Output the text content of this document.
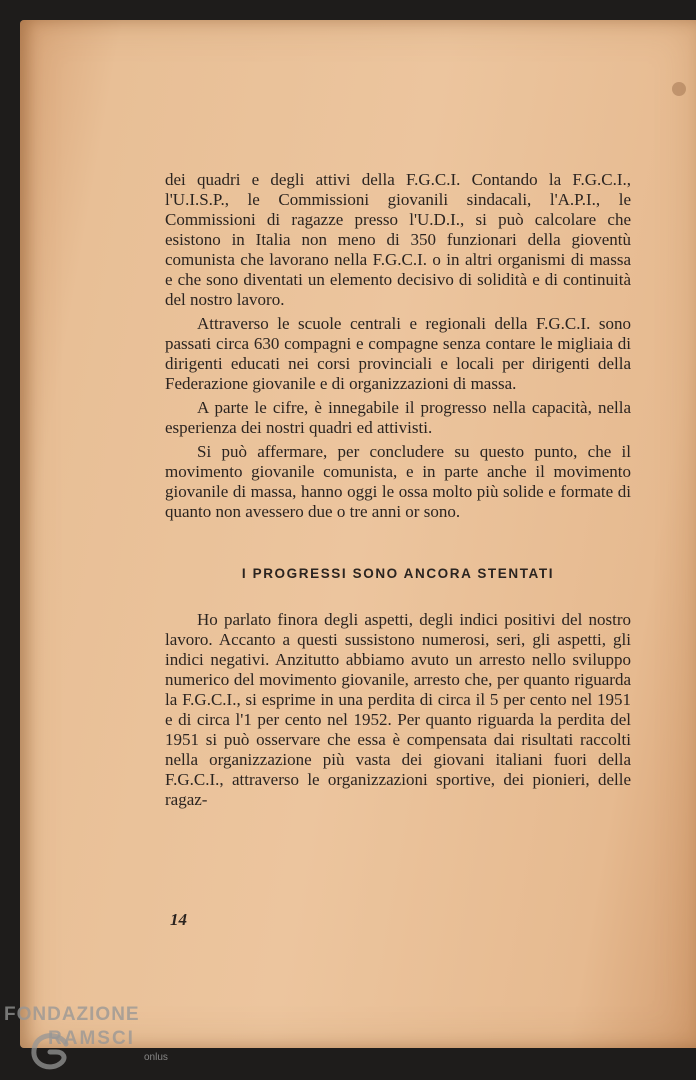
dei quadri e degli attivi della F.G.C.I. Contando la F.G.C.I., l'U.I.S.P., le Commissioni giovanili sindacali, l'A.P.I., le Commissioni di ragazze presso l'U.D.I., si può calcolare che esistono in Italia non meno di 350 funzionari della gioventù comunista che lavorano nella F.G.C.I. o in altri organismi di massa e che sono diventati un elemento decisivo di solidità e di continuità del nostro lavoro.

Attraverso le scuole centrali e regionali della F.G.C.I. sono passati circa 630 compagni e compagne senza contare le migliaia di dirigenti educati nei corsi provinciali e locali per dirigenti della Federazione giovanile e di organizzazioni di massa.

A parte le cifre, è innegabile il progresso nella capacità, nella esperienza dei nostri quadri ed attivisti.

Si può affermare, per concludere su questo punto, che il movimento giovanile comunista, e in parte anche il movimento giovanile di massa, hanno oggi le ossa molto più solide e formate di quanto non avessero due o tre anni or sono.

I PROGRESSI SONO ANCORA STENTATI

Ho parlato finora degli aspetti, degli indici positivi del nostro lavoro. Accanto a questi sussistono numerosi, seri, gli aspetti, gli indici negativi. Anzitutto abbiamo avuto un arresto nello sviluppo numerico del movimento giovanile, arresto che, per quanto riguarda la F.G.C.I., si esprime in una perdita di circa il 5 per cento nel 1951 e di circa l'1 per cento nel 1952. Per quanto riguarda la perdita del 1951 si può osservare che essa è compensata dai risultati raccolti nella organizzazione più vasta dei giovani italiani fuori della F.G.C.I., attraverso le organizzazioni sportive, dei pionieri, delle ragaz-

14
FONDAZIONE
RAMSCI
onlus
